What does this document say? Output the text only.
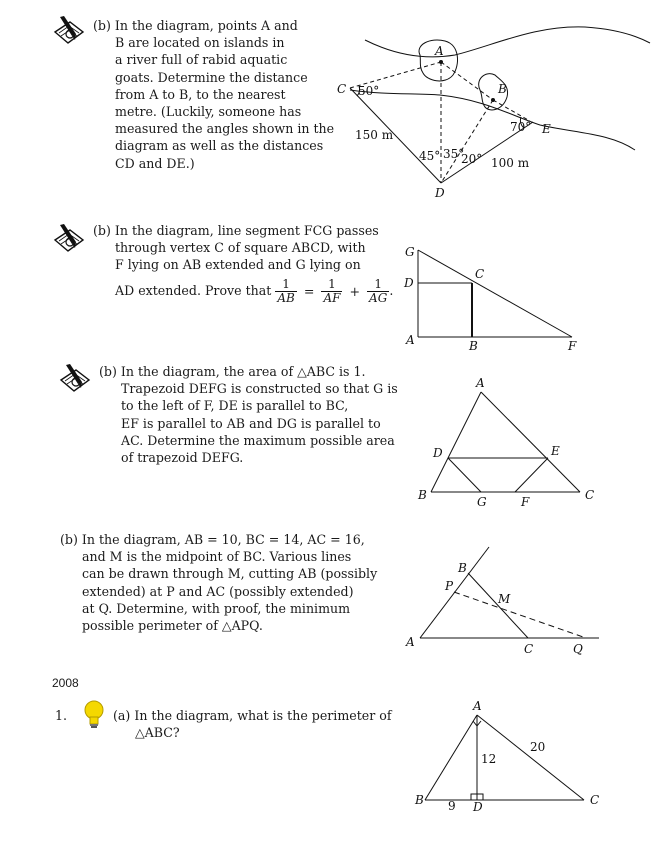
(b) In the diagram, points A and
B are located on islands in
a river full of rabid aquatic
goats. Determine the distance
from A to B, to the nearest
metre. (Luckily, someone has
measured the angles shown in the
diagram as well as the distances
CD and DE.)
A
B
C
D
E
50°
70°
45° 35°
20°
150 m
100 m
(b) In the diagram, line segment FCG passes
through vertex C of square ABCD, with
F lying on AB extended and G lying on
AD extended. Prove that $\frac{1}{AB} = \frac{1}{AF} + \frac{1}{AG}$ .
G
D
C
A	B	F
(b) In the diagram, the area of △ABC is 1.
Trapezoid DEFG is constructed so that G is
to the left of F, DE is parallel to BC,
EF is parallel to AB and DG is parallel to
AC. Determine the maximum possible area
of trapezoid DEFG.
A
D	E
B	G	F	C
(b) In the diagram, AB = 10, BC = 14, AC = 16,
and M is the midpoint of BC. Various lines
can be drawn through M, cutting AB (possibly
extended) at P and AC (possibly extended)
at Q. Determine, with proof, the minimum
possible perimeter of △APQ.
B
P
M
A	C	Q
2008
1.	(a) In the diagram, what is the perimeter of
△ABC?
A
20
12
B 9 D	C
